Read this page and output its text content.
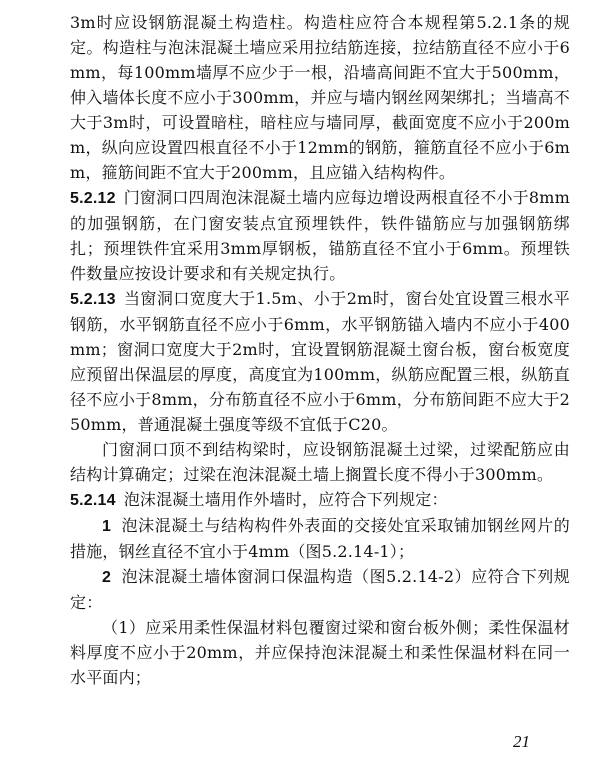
3m时应设钢筋混凝土构造柱。构造柱应符合本规程第5.2.1条的规定。构造柱与泡沫混凝土墙应采用拉结筋连接，拉结筋直径不应小于6mm，每100mm墙厚不应少于一根，沿墙高间距不宜大于500mm，伸入墙体长度不应小于300mm，并应与墙内钢丝网架绑扎；当墙高不大于3m时，可设置暗柱，暗柱应与墙同厚，截面宽度不应小于200mm，纵向应设置四根直径不小于12mm的钢筋，箍筋直径不应小于6mm，箍筋间距不宜大于200mm，且应锚入结构构件。

5.2.12 门窗洞口四周泡沫混凝土墙内应每边增设两根直径不小于8mm的加强钢筋，在门窗安装点宜预埋铁件，铁件锚筋应与加强钢筋绑扎；预埋铁件宜采用3mm厚钢板，锚筋直径不宜小于6mm。预埋铁件数量应按设计要求和有关规定执行。

5.2.13 当窗洞口宽度大于1.5m、小于2m时，窗台处宜设置三根水平钢筋，水平钢筋直径不应小于6mm，水平钢筋锚入墙内不应小于400mm；窗洞口宽度大于2m时，宜设置钢筋混凝土窗台板，窗台板宽度应预留出保温层的厚度，高度宜为100mm，纵筋应配置三根，纵筋直径不应小于8mm，分布筋直径不应小于6mm，分布筋间距不应大于250mm，普通混凝土强度等级不宜低于C20。

门窗洞口顶不到结构梁时，应设钢筋混凝土过梁，过梁配筋应由结构计算确定；过梁在泡沫混凝土墙上搁置长度不得小于300mm。

5.2.14 泡沫混凝土墙用作外墙时，应符合下列规定：

1 泡沫混凝土与结构构件外表面的交接处宜采取铺加钢丝网片的措施，钢丝直径不宜小于4mm（图5.2.14-1）；

2 泡沫混凝土墙体窗洞口保温构造（图5.2.14-2）应符合下列规定：

（1）应采用柔性保温材料包覆窗过梁和窗台板外侧；柔性保温材料厚度不应小于20mm，并应保持泡沫混凝土和柔性保温材料在同一水平面内；

21
